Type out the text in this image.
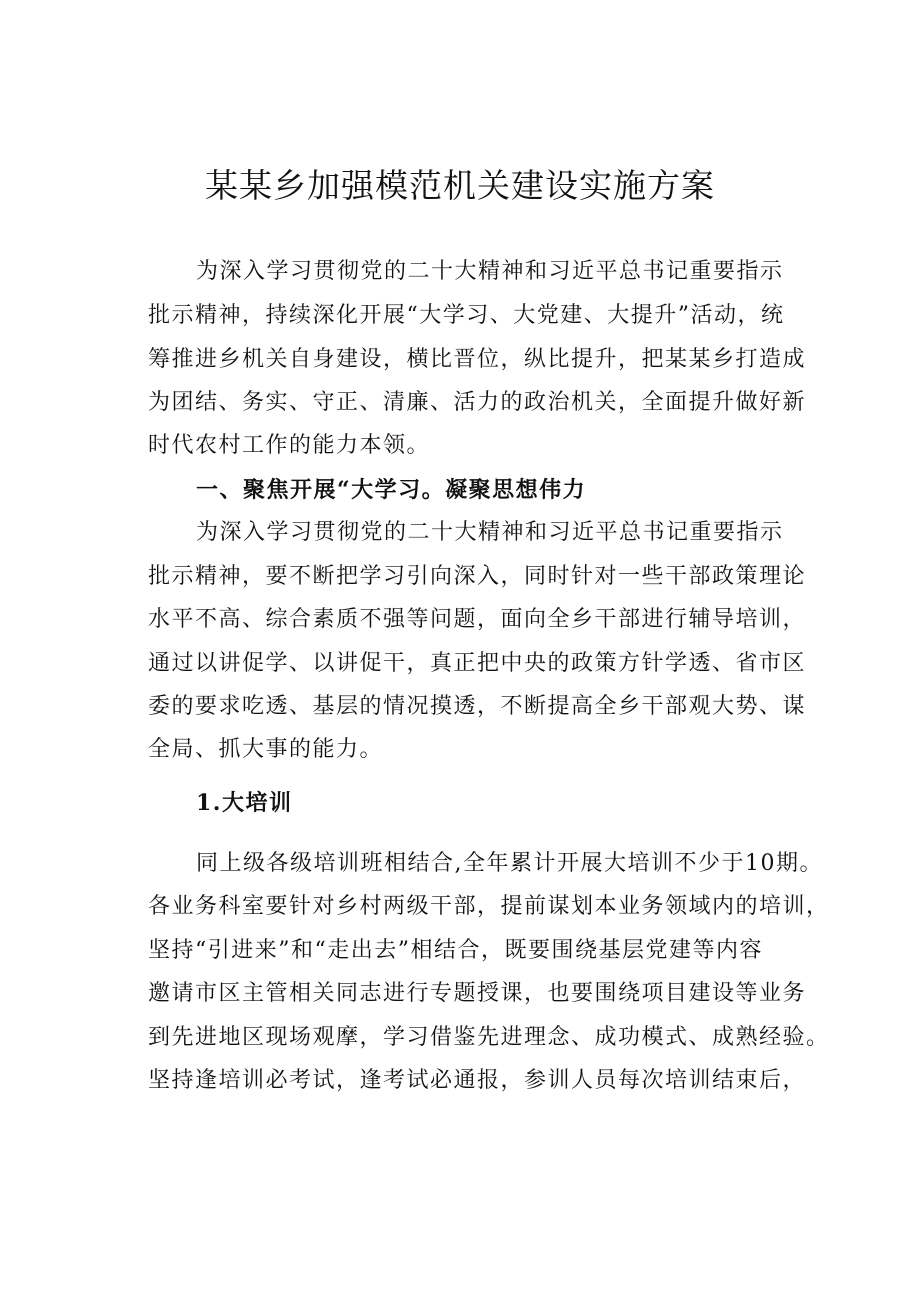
某某乡加强模范机关建设实施方案

为深入学习贯彻党的二十大精神和习近平总书记重要指示

批示精神，持续深化开展“大学习、大党建、大提升”活动，统

筹推进乡机关自身建设，横比晋位，纵比提升，把某某乡打造成

为团结、务实、守正、清廉、活力的政治机关，全面提升做好新

时代农村工作的能力本领。

一、聚焦开展“大学习。凝聚思想伟力

为深入学习贯彻党的二十大精神和习近平总书记重要指示

批示精神，要不断把学习引向深入，同时针对一些干部政策理论

水平不高、综合素质不强等问题，面向全乡干部进行辅导培训，

通过以讲促学、以讲促干，真正把中央的政策方针学透、省市区

委的要求吃透、基层的情况摸透，不断提高全乡干部观大势、谋

全局、抓大事的能力。

1.大培训

同上级各级培训班相结合,全年累计开展大培训不少于10期。

各业务科室要针对乡村两级干部，提前谋划本业务领域内的培训，

坚持“引进来”和“走出去”相结合，既要围绕基层党建等内容

邀请市区主管相关同志进行专题授课，也要围绕项目建设等业务

到先进地区现场观摩，学习借鉴先进理念、成功模式、成熟经验。

坚持逢培训必考试，逢考试必通报，参训人员每次培训结束后，
